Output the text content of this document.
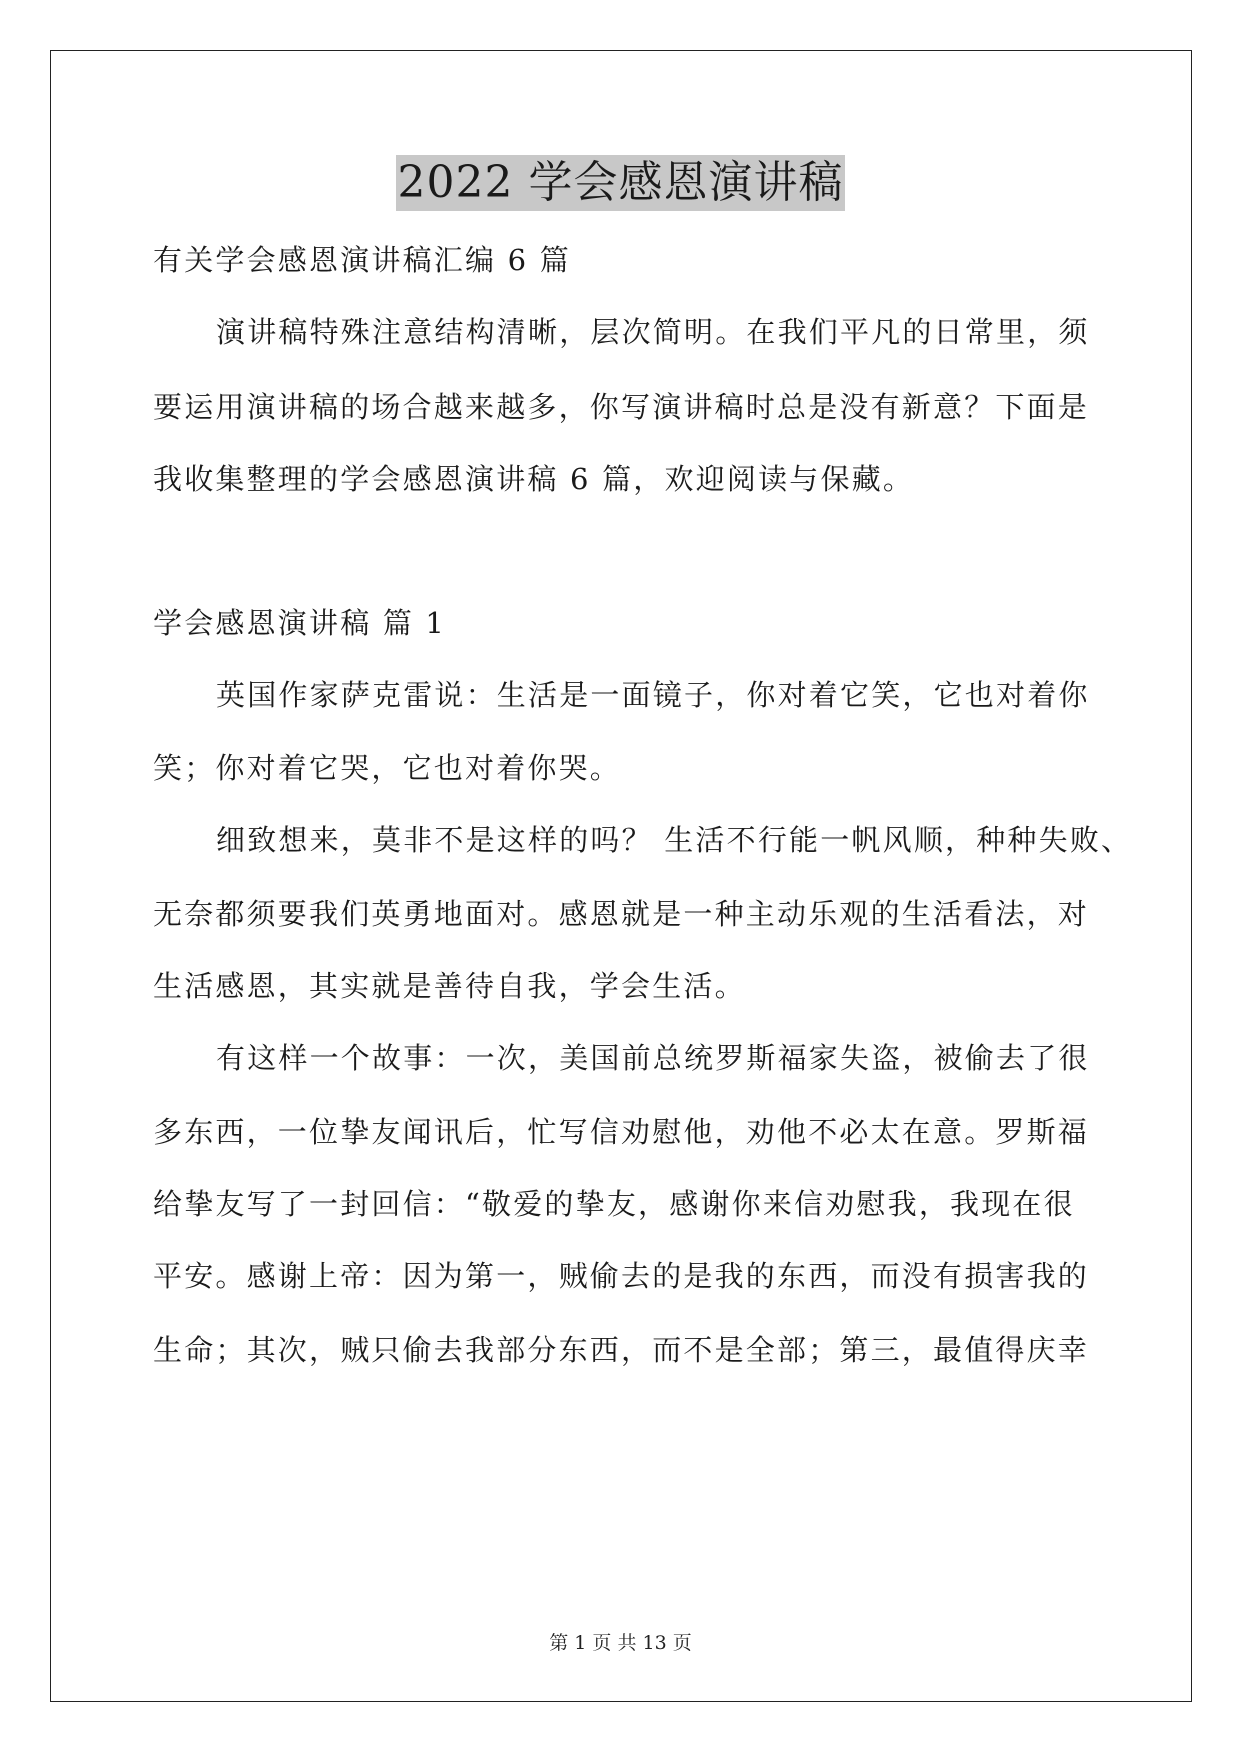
2022 学会感恩演讲稿
有关学会感恩演讲稿汇编 6 篇
演讲稿特殊注意结构清晰，层次简明。在我们平凡的日常里，须
要运用演讲稿的场合越来越多，你写演讲稿时总是没有新意？下面是
我收集整理的学会感恩演讲稿 6 篇，欢迎阅读与保藏。
学会感恩演讲稿 篇 1
英国作家萨克雷说：生活是一面镜子，你对着它笑，它也对着你
笑；你对着它哭，它也对着你哭。
细致想来，莫非不是这样的吗？ 生活不行能一帆风顺，种种失败、
无奈都须要我们英勇地面对。感恩就是一种主动乐观的生活看法，对
生活感恩，其实就是善待自我，学会生活。
有这样一个故事：一次，美国前总统罗斯福家失盗，被偷去了很
多东西，一位挚友闻讯后，忙写信劝慰他，劝他不必太在意。罗斯福
给挚友写了一封回信：“敬爱的挚友，感谢你来信劝慰我，我现在很
平安。感谢上帝：因为第一，贼偷去的是我的东西，而没有损害我的
生命；其次，贼只偷去我部分东西，而不是全部；第三，最值得庆幸
第 1 页 共 13 页
